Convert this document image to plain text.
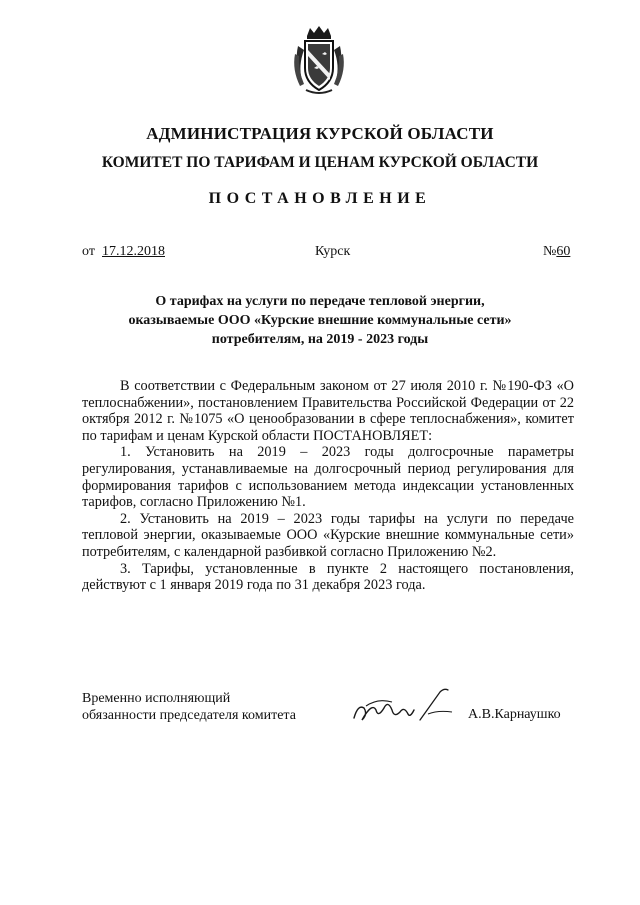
АДМИНИСТРАЦИЯ КУРСКОЙ ОБЛАСТИ
КОМИТЕТ ПО ТАРИФАМ И ЦЕНАМ КУРСКОЙ ОБЛАСТИ
ПОСТАНОВЛЕНИЕ
от 17.12.2018	Курск	№60
О тарифах на услуги по передаче тепловой энергии,
оказываемые ООО «Курские внешние коммунальные сети»
потребителям, на 2019 - 2023 годы

В соответствии с Федеральным законом от 27 июля 2010 г. №190-ФЗ «О теплоснабжении», постановлением Правительства Российской Федерации от 22 октября 2012 г. №1075 «О ценообразовании в сфере теплоснабжения», комитет по тарифам и ценам Курской области ПОСТАНОВЛЯЕТ:

1. Установить на 2019 – 2023 годы долгосрочные параметры регулирования, устанавливаемые на долгосрочный период регулирования для формирования тарифов с использованием метода индексации установленных тарифов, согласно Приложению №1.

2. Установить на 2019 – 2023 годы тарифы на услуги по передаче тепловой энергии, оказываемые ООО «Курские внешние коммунальные сети» потребителям, с календарной разбивкой согласно Приложению №2.

3. Тарифы, установленные в пункте 2 настоящего постановления, действуют с 1 января 2019 года по 31 декабря 2023 года.

Временно исполняющий
обязанности председателя комитета	А.В.Карнаушко
